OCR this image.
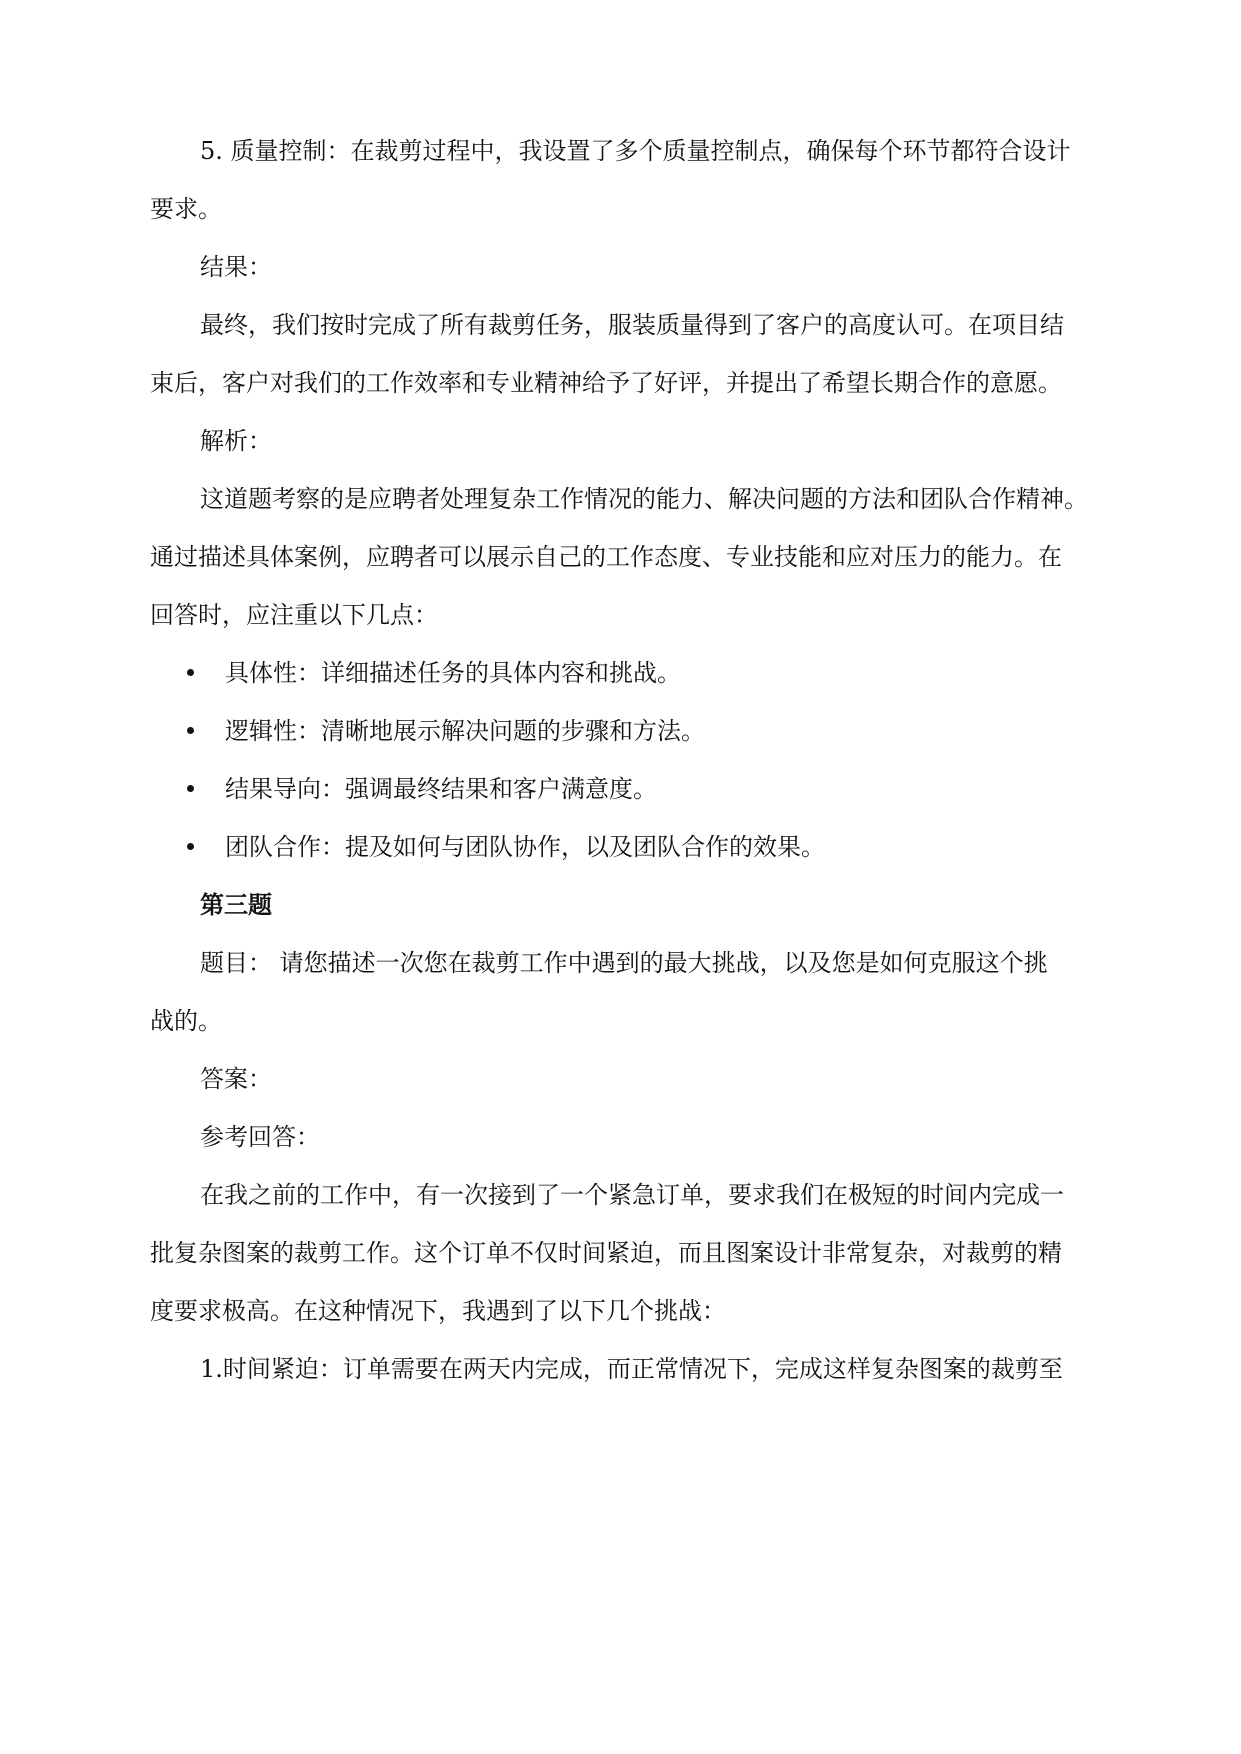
5. 质量控制：在裁剪过程中，我设置了多个质量控制点，确保每个环节都符合设计
要求。
结果：
最终，我们按时完成了所有裁剪任务，服装质量得到了客户的高度认可。在项目结
束后，客户对我们的工作效率和专业精神给予了好评，并提出了希望长期合作的意愿。
解析：
这道题考察的是应聘者处理复杂工作情况的能力、解决问题的方法和团队合作精神。
通过描述具体案例，应聘者可以展示自己的工作态度、专业技能和应对压力的能力。在
回答时，应注重以下几点：
具体性：详细描述任务的具体内容和挑战。
逻辑性：清晰地展示解决问题的步骤和方法。
结果导向：强调最终结果和客户满意度。
团队合作：提及如何与团队协作，以及团队合作的效果。
第三题
题目： 请您描述一次您在裁剪工作中遇到的最大挑战，以及您是如何克服这个挑
战的。
答案：
参考回答：
在我之前的工作中，有一次接到了一个紧急订单，要求我们在极短的时间内完成一
批复杂图案的裁剪工作。这个订单不仅时间紧迫，而且图案设计非常复杂，对裁剪的精
度要求极高。在这种情况下，我遇到了以下几个挑战：
1.时间紧迫：订单需要在两天内完成，而正常情况下，完成这样复杂图案的裁剪至
